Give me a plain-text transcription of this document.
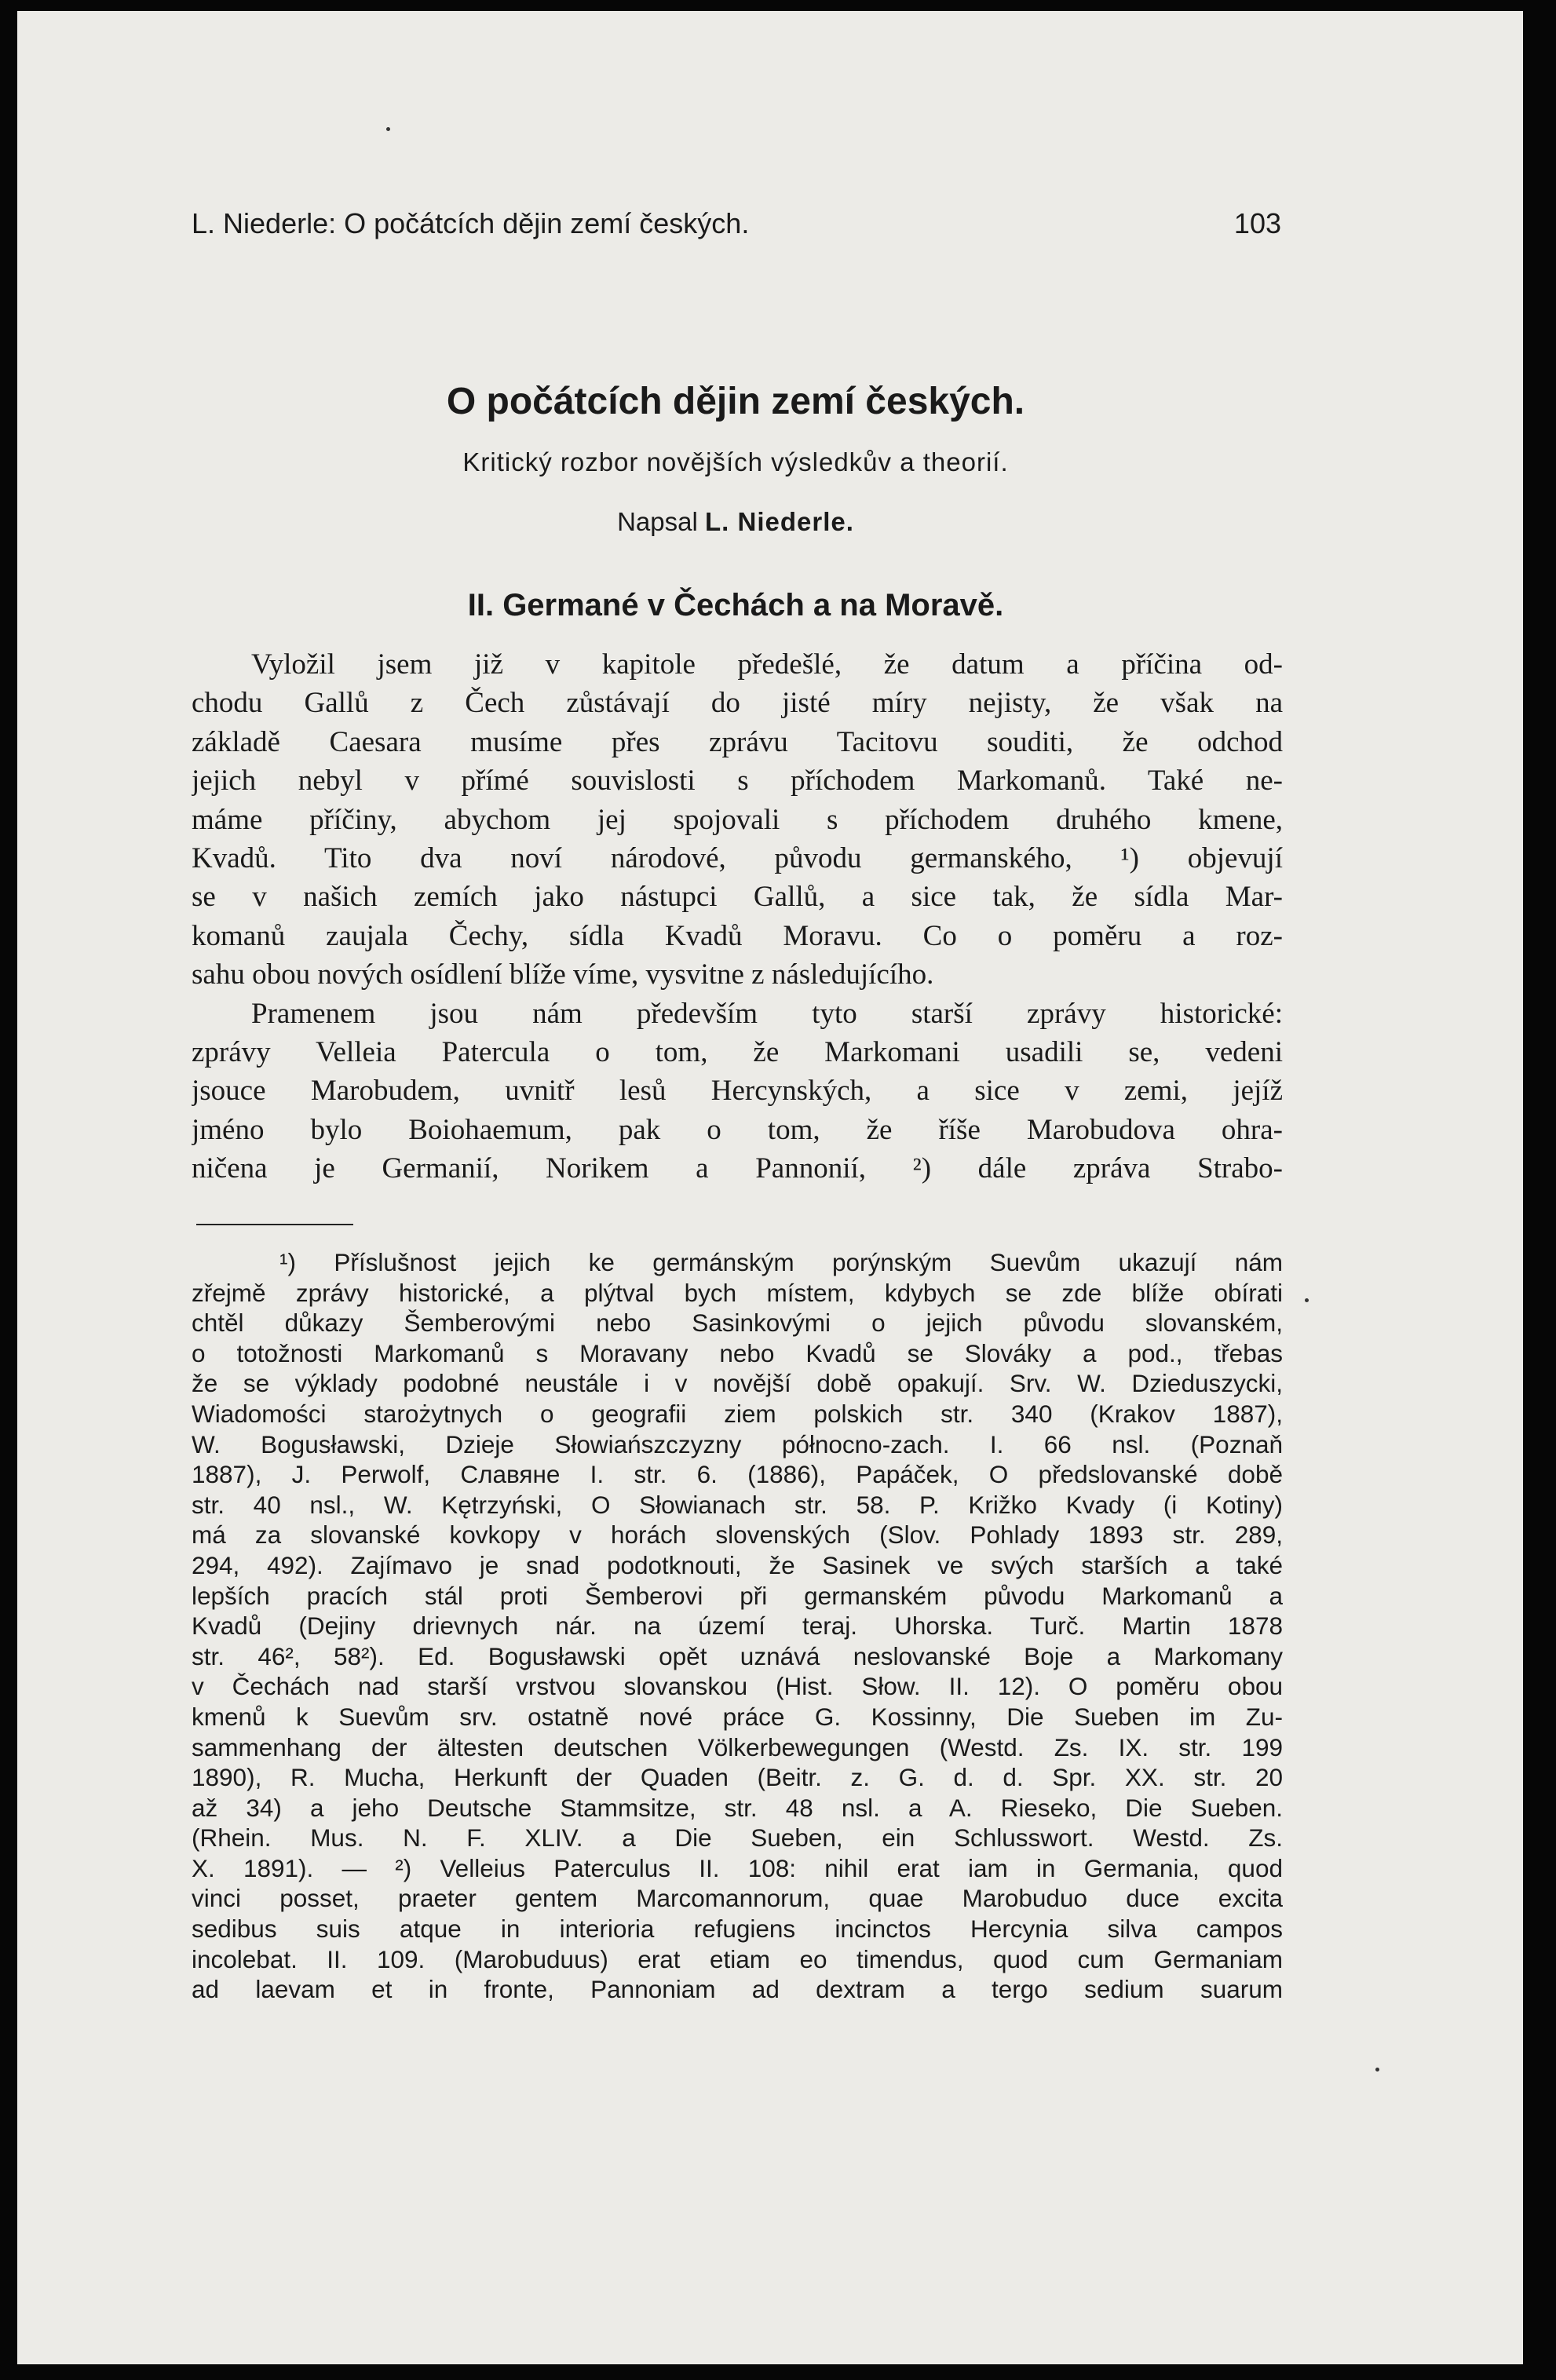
L. Niederle: O počátcích dějin zemí českých.	103
O počátcích dějin zemí českých.
Kritický rozbor novějších výsledkův a theorií.
Napsal L. Niederle.
II. Germané v Čechách a na Moravě.
Vyložil jsem již v kapitole předešlé, že datum a příčina od-
chodu Gallů z Čech zůstávají do jisté míry nejisty, že však na
základě Caesara musíme přes zprávu Tacitovu souditi, že odchod
jejich nebyl v přímé souvislosti s příchodem Markomanů. Také ne-
máme příčiny, abychom jej spojovali s příchodem druhého kmene,
Kvadů. Tito dva noví národové, původu germanského, ¹) objevují
se v našich zemích jako nástupci Gallů, a sice tak, že sídla Mar-
komanů zaujala Čechy, sídla Kvadů Moravu. Co o poměru a roz-
sahu obou nových osídlení blíže víme, vysvitne z následujícího.
Pramenem jsou nám především tyto starší zprávy historické:
zprávy Velleia Patercula o tom, že Markomani usadili se, vedeni
jsouce Marobudem, uvnitř lesů Hercynských, a sice v zemi, jejíž
jméno bylo Boiohaemum, pak o tom, že říše Marobudova ohra-
ničena je Germanií, Norikem a Pannonií, ²) dále zpráva Strabo-
¹) Příslušnost jejich ke germánským porýnským Suevům ukazují nám
zřejmě zprávy historické, a plýtval bych místem, kdybych se zde blíže obírati
chtěl důkazy Šemberovými nebo Sasinkovými o jejich původu slovanském,
o totožnosti Markomanů s Moravany nebo Kvadů se Slováky a pod., třebas
že se výklady podobné neustále i v novější době opakují. Srv. W. Dzieduszycki,
Wiadomości starożytnych o geografii ziem polskich str. 340 (Krakov 1887),
W. Bogusławski, Dzieje Słowiańszczyzny północno-zach. I. 66 nsl. (Poznaň
1887), J. Perwolf, Славяне I. str. 6. (1886), Papáček, O předslovanské době
str. 40 nsl., W. Kętrzyński, O Słowianach str. 58. P. Križko Kvady (i Kotiny)
má za slovanské kovkopy v horách slovenských (Slov. Pohlady 1893 str. 289,
294, 492). Zajímavo je snad podotknouti, že Sasinek ve svých starších a také
lepších pracích stál proti Šemberovi při germanském původu Markomanů a
Kvadů (Dejiny drievnych nár. na území teraj. Uhorska. Turč. Martin 1878
str. 46², 58²). Ed. Bogusławski opět uznává neslovanské Boje a Markomany
v Čechách nad starší vrstvou slovanskou (Hist. Słow. II. 12). O poměru obou
kmenů k Suevům srv. ostatně nové práce G. Kossinny, Die Sueben im Zu-
sammenhang der ältesten deutschen Völkerbewegungen (Westd. Zs. IX. str. 199
1890), R. Mucha, Herkunft der Quaden (Beitr. z. G. d. d. Spr. XX. str. 20
až 34) a jeho Deutsche Stammsitze, str. 48 nsl. a A. Rieseko, Die Sueben.
(Rhein. Mus. N. F. XLIV. a Die Sueben, ein Schlusswort. Westd. Zs.
X. 1891). — ²) Velleius Paterculus II. 108: nihil erat iam in Germania, quod
vinci posset, praeter gentem Marcomannorum, quae Marobuduo duce excita
sedibus suis atque in interioria refugiens incinctos Hercynia silva campos
incolebat. II. 109. (Marobuduus) erat etiam eo timendus, quod cum Germaniam
ad laevam et in fronte, Pannoniam ad dextram a tergo sedium suarum
